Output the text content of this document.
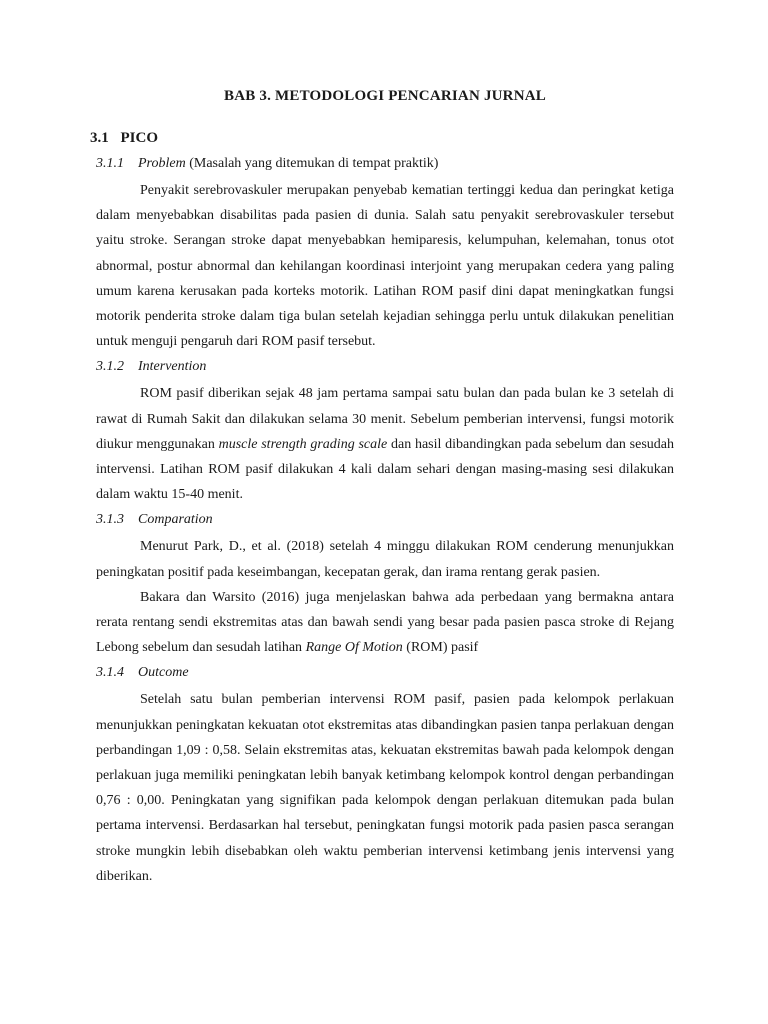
BAB 3. METODOLOGI PENCARIAN JURNAL
3.1 PICO
3.1.1 Problem (Masalah yang ditemukan di tempat praktik)

Penyakit serebrovaskuler merupakan penyebab kematian tertinggi kedua dan peringkat ketiga dalam menyebabkan disabilitas pada pasien di dunia. Salah satu penyakit serebrovaskuler tersebut yaitu stroke. Serangan stroke dapat menyebabkan hemiparesis, kelumpuhan, kelemahan, tonus otot abnormal, postur abnormal dan kehilangan koordinasi interjoint yang merupakan cedera yang paling umum karena kerusakan pada korteks motorik. Latihan ROM pasif dini dapat meningkatkan fungsi motorik penderita stroke dalam tiga bulan setelah kejadian sehingga perlu untuk dilakukan penelitian untuk menguji pengaruh dari ROM pasif tersebut.

3.1.2 Intervention

ROM pasif diberikan sejak 48 jam pertama sampai satu bulan dan pada bulan ke 3 setelah di rawat di Rumah Sakit dan dilakukan selama 30 menit. Sebelum pemberian intervensi, fungsi motorik diukur menggunakan muscle strength grading scale dan hasil dibandingkan pada sebelum dan sesudah intervensi. Latihan ROM pasif dilakukan 4 kali dalam sehari dengan masing-masing sesi dilakukan dalam waktu 15-40 menit.

3.1.3 Comparation

Menurut Park, D., et al. (2018) setelah 4 minggu dilakukan ROM cenderung menunjukkan peningkatan positif pada keseimbangan, kecepatan gerak, dan irama rentang gerak pasien.

Bakara dan Warsito (2016) juga menjelaskan bahwa ada perbedaan yang bermakna antara rerata rentang sendi ekstremitas atas dan bawah sendi yang besar pada pasien pasca stroke di Rejang Lebong sebelum dan sesudah latihan Range Of Motion (ROM) pasif

3.1.4 Outcome

Setelah satu bulan pemberian intervensi ROM pasif, pasien pada kelompok perlakuan menunjukkan peningkatan kekuatan otot ekstremitas atas dibandingkan pasien tanpa perlakuan dengan perbandingan 1,09 : 0,58. Selain ekstremitas atas, kekuatan ekstremitas bawah pada kelompok dengan perlakuan juga memiliki peningkatan lebih banyak ketimbang kelompok kontrol dengan perbandingan 0,76 : 0,00. Peningkatan yang signifikan pada kelompok dengan perlakuan ditemukan pada bulan pertama intervensi. Berdasarkan hal tersebut, peningkatan fungsi motorik pada pasien pasca serangan stroke mungkin lebih disebabkan oleh waktu pemberian intervensi ketimbang jenis intervensi yang diberikan.
